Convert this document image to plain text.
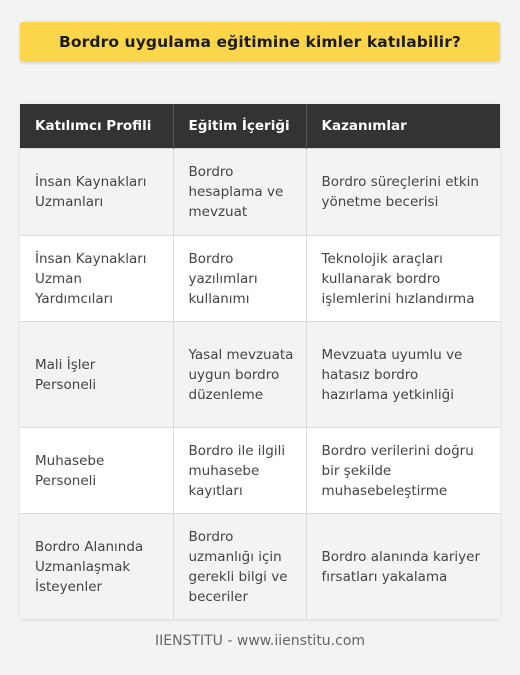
Bordro uygulama eğitimine kimler katılabilir?
Katılımcı Profili	Eğitim İçeriği	Kazanımlar
İnsan Kaynakları Uzmanları	Bordro hesaplama ve mevzuat	Bordro süreçlerini etkin yönetme becerisi
İnsan Kaynakları Uzman Yardımcıları	Bordro yazılımları kullanımı	Teknolojik araçları kullanarak bordro işlemlerini hızlandırma
Mali İşler Personeli	Yasal mevzuata uygun bordro düzenleme	Mevzuata uyumlu ve hatasız bordro hazırlama yetkinliği
Muhasebe Personeli	Bordro ile ilgili muhasebe kayıtları	Bordro verilerini doğru bir şekilde muhasebeleştirme
Bordro Alanında Uzmanlaşmak İsteyenler	Bordro uzmanlığı için gerekli bilgi ve beceriler	Bordro alanında kariyer fırsatları yakalama
IIENSTITU - www.iienstitu.com
